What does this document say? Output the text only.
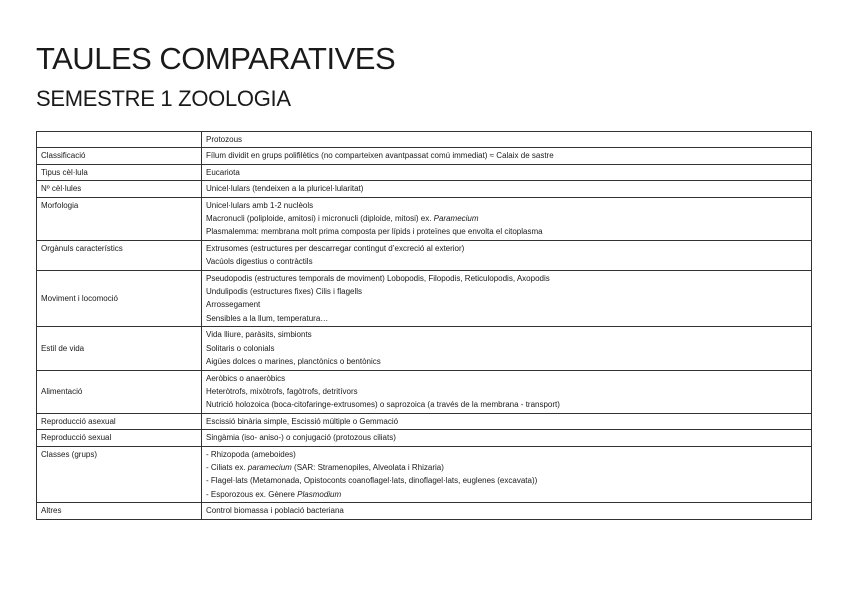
TAULES COMPARATIVES
SEMESTRE 1 ZOOLOGIA
	Protozous
Classificació	Fílum dividit en grups polifilètics (no comparteixen avantpassat comú immediat) ≈ Calaix de sastre
Tipus cèl·lula	Eucariota
Nº cèl·lules	Unicel·lulars (tendeixen a la pluricel·lularitat)
Morfologia	Unicel·lulars amb 1-2 nuclèols
Macronucli (poliploide, amitosi) i micronucli (diploide, mitosi) ex. Paramecium
Plasmalemma: membrana molt prima composta per lípids i proteïnes que envolta el citoplasma

Orgànuls característics	Extrusomes (estructures per descarregar contingut d’excreció al exterior)
Vacúols digestius o contràctils

Moviment i locomoció	Pseudopodis (estructures temporals de moviment) Lobopodis, Filopodis, Reticulopodis, Axopodis
Undulipodis (estructures fixes) Cilis i flagells
Arrossegament
Sensibles a la llum, temperatura…

Estil de vida	Vida lliure, paràsits, simbionts
Solitaris o colonials
Aigües dolces o marines, planctònics o bentònics

Alimentació	Aeròbics o anaeròbics
Heteròtrofs, mixòtrofs, fagòtrofs, detritívors
Nutrició holozoica (boca-citofaringe-extrusomes) o saprozoica (a través de la membrana - transport)

Reproducció asexual	Escissió binària simple, Escissió múltiple o Gemmació
Reproducció sexual	Singàmia (iso- aniso-) o conjugació (protozous ciliats)
Classes (grups)	- Rhizopoda (ameboides)
- Ciliats ex. paramecium (SAR: Stramenopiles, Alveolata i Rhizaria)
- Flagel·lats (Metamonada, Opistoconts coanoflagel·lats, dinoflagel·lats, euglenes (excavata))
- Esporozous ex. Gènere Plasmodium

Altres	Control biomassa i població bacteriana
